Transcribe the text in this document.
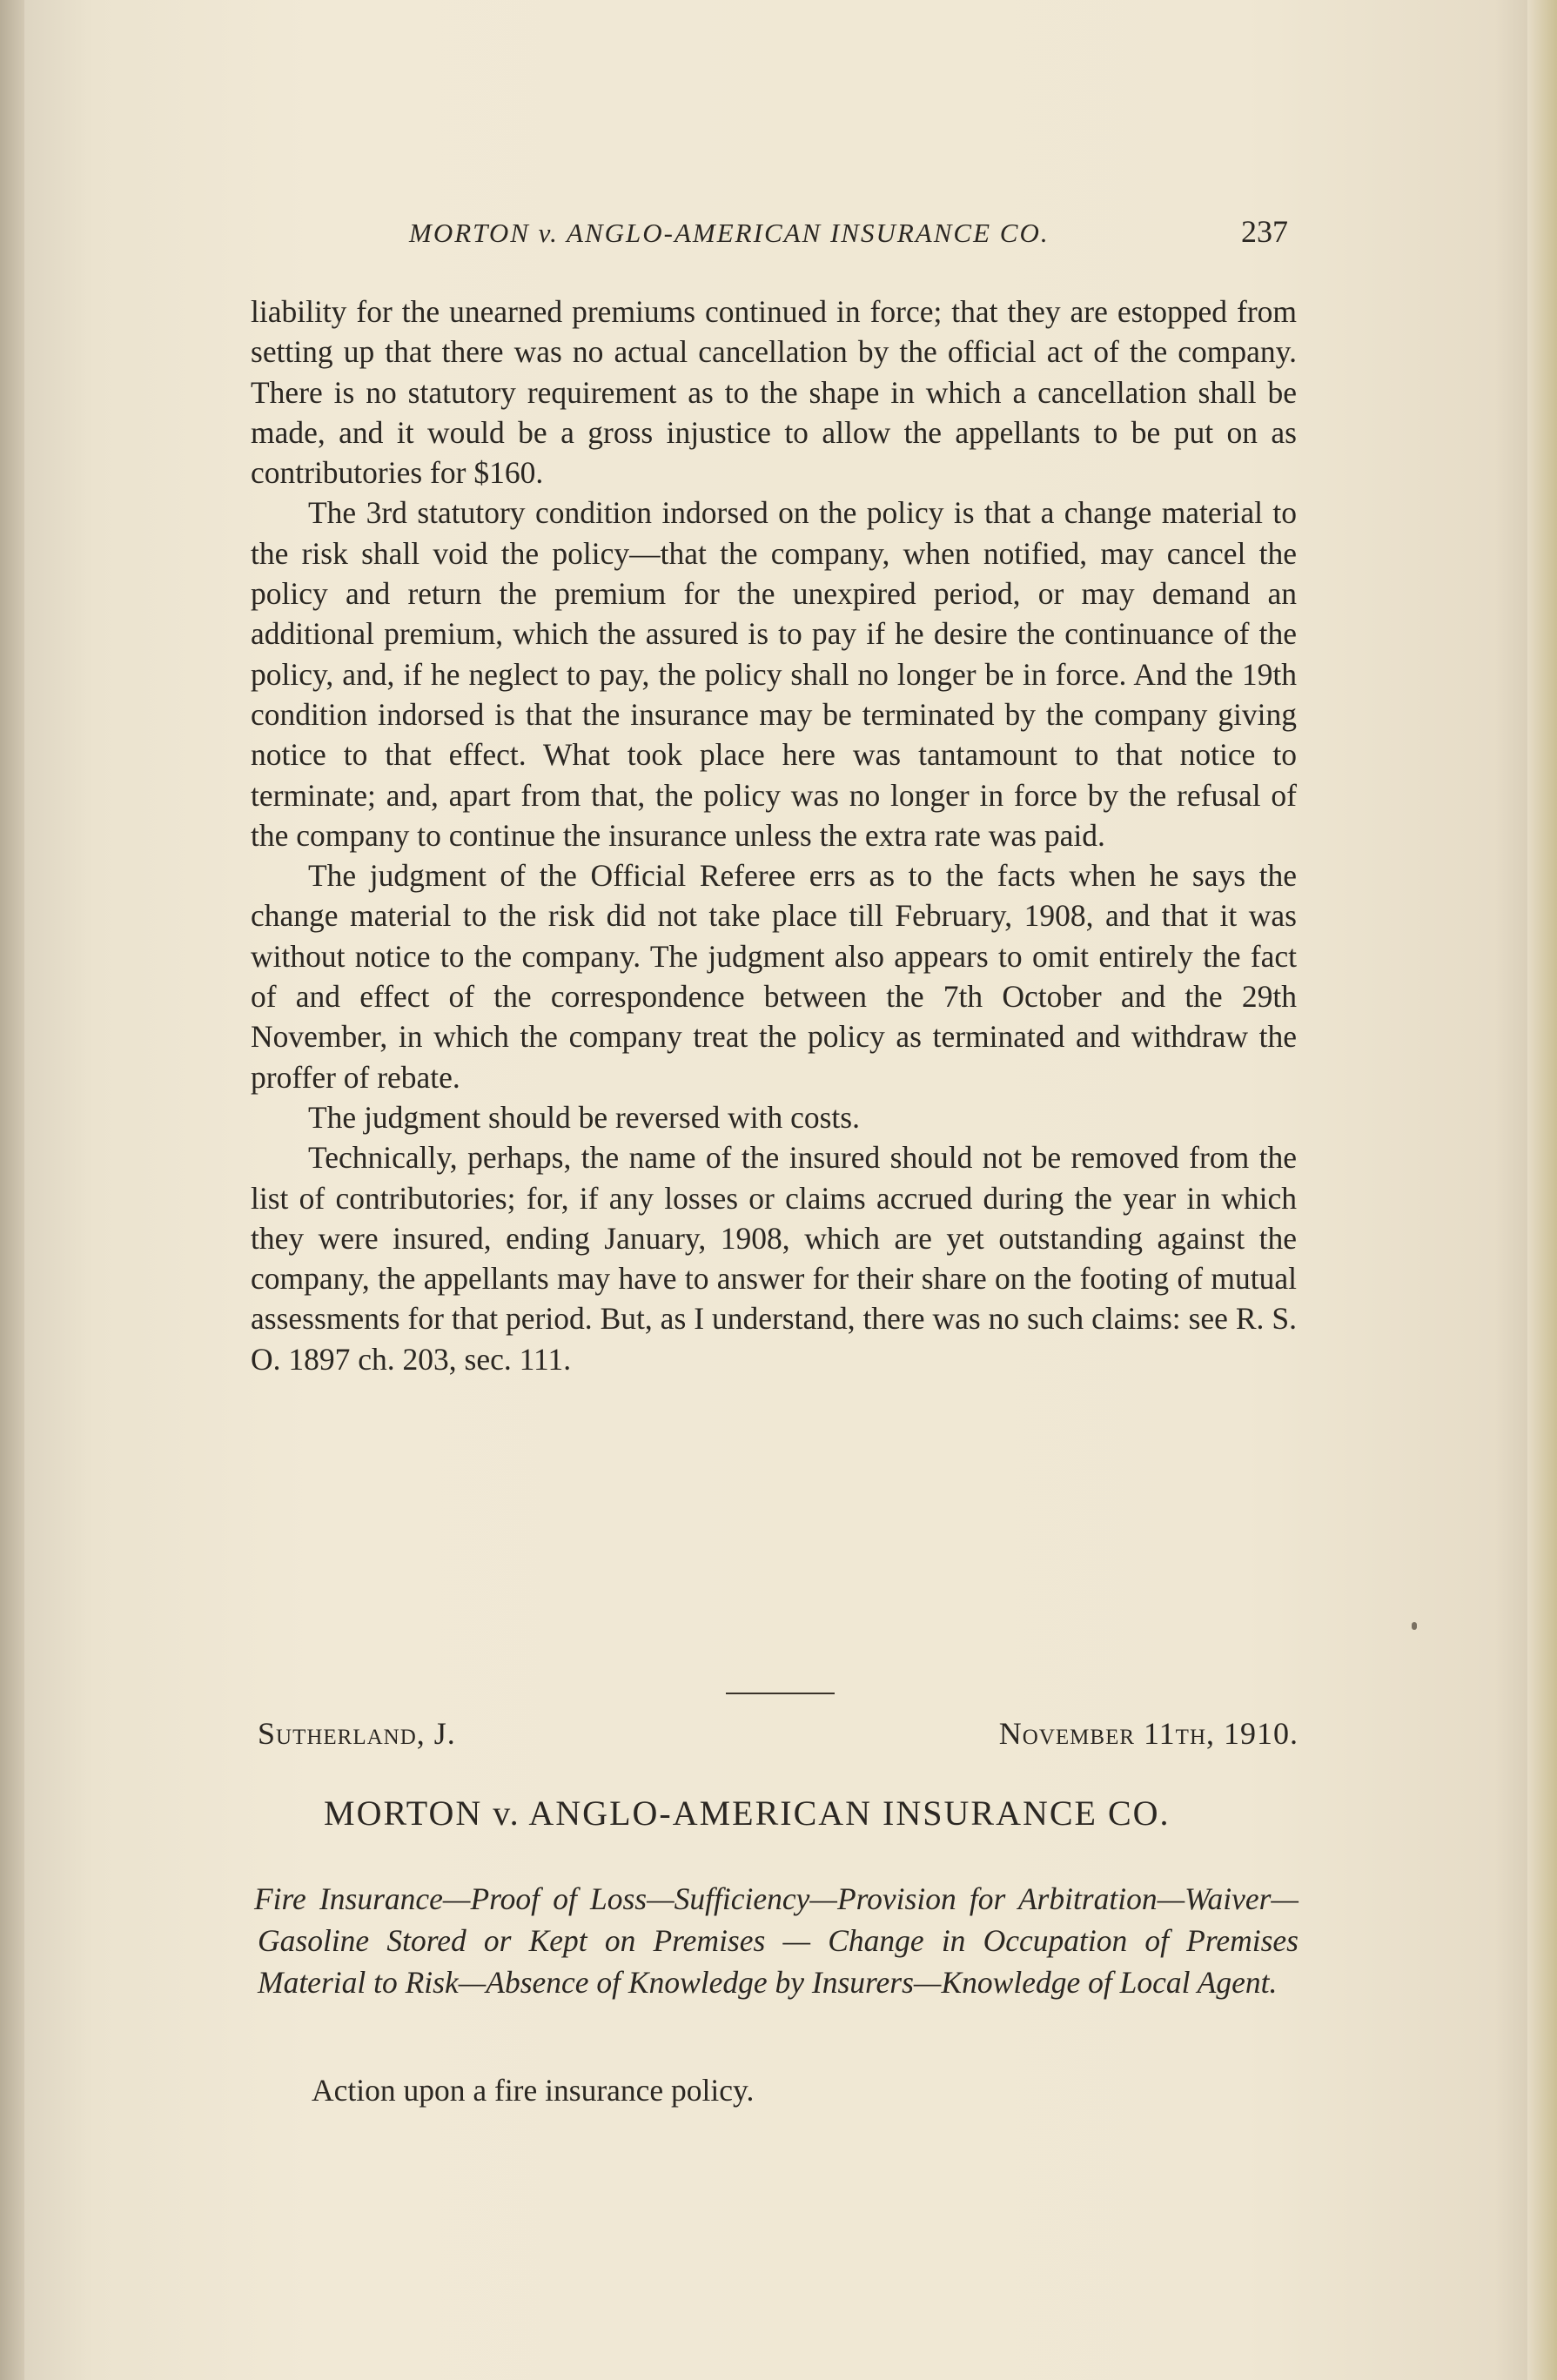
MORTON v. ANGLO-AMERICAN INSURANCE CO.	237

liability for the unearned premiums continued in force; that they are estopped from setting up that there was no actual cancellation by the official act of the company. There is no statutory requirement as to the shape in which a cancellation shall be made, and it would be a gross injustice to allow the appellants to be put on as contributories for $160.

The 3rd statutory condition indorsed on the policy is that a change material to the risk shall void the policy—that the company, when notified, may cancel the policy and return the premium for the unexpired period, or may demand an additional premium, which the assured is to pay if he desire the continuance of the policy, and, if he neglect to pay, the policy shall no longer be in force. And the 19th condition indorsed is that the insurance may be terminated by the company giving notice to that effect. What took place here was tantamount to that notice to terminate; and, apart from that, the policy was no longer in force by the refusal of the company to continue the insurance unless the extra rate was paid.

The judgment of the Official Referee errs as to the facts when he says the change material to the risk did not take place till February, 1908, and that it was without notice to the company. The judgment also appears to omit entirely the fact of and effect of the correspondence between the 7th October and the 29th November, in which the company treat the policy as terminated and withdraw the proffer of rebate.

The judgment should be reversed with costs.

Technically, perhaps, the name of the insured should not be removed from the list of contributories; for, if any losses or claims accrued during the year in which they were insured, ending January, 1908, which are yet outstanding against the company, the appellants may have to answer for their share on the footing of mutual assessments for that period. But, as I understand, there was no such claims: see R. S. O. 1897 ch. 203, sec. 111.

Sutherland, J.	November 11th, 1910.
MORTON v. ANGLO-AMERICAN INSURANCE CO.
Fire Insurance—Proof of Loss—Sufficiency—Provision for Arbitration—Waiver—Gasoline Stored or Kept on Premises — Change in Occupation of Premises Material to Risk—Absence of Knowledge by Insurers—Knowledge of Local Agent.
Action upon a fire insurance policy.
